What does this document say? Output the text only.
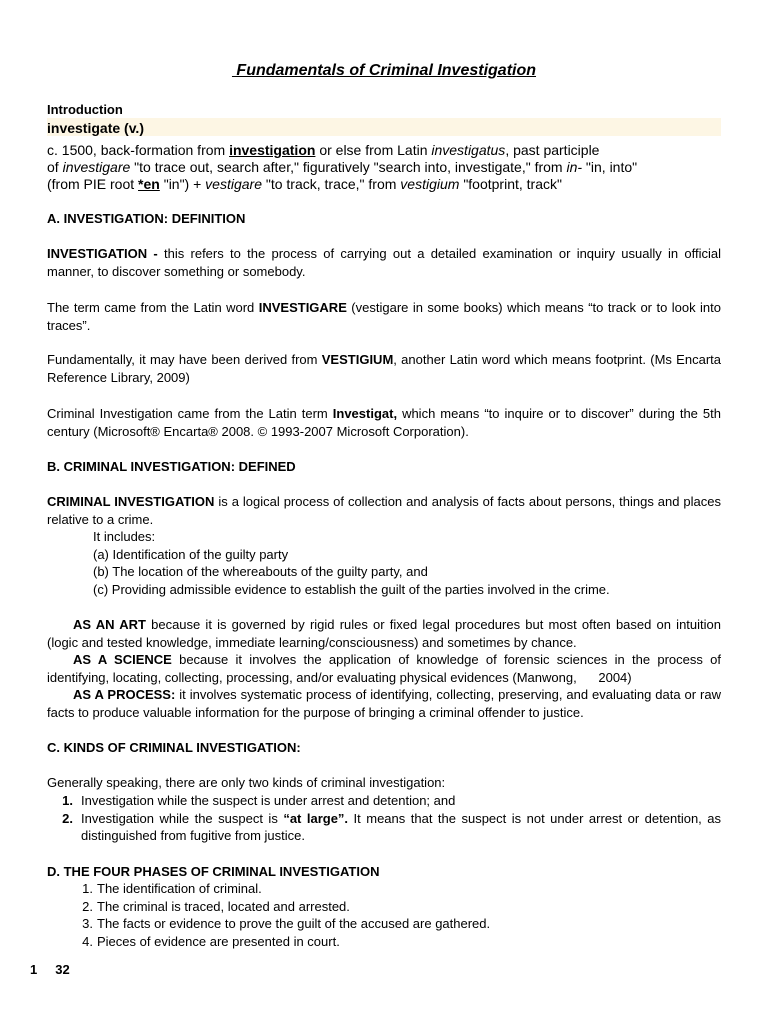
Fundamentals of Criminal Investigation
Introduction
investigate (v.)
c. 1500, back-formation from investigation or else from Latin investigatus, past participle
of investigare "to trace out, search after," figuratively "search into, investigate," from in- "in, into"
(from PIE root *en "in") + vestigare "to track, trace," from vestigium "footprint, track"
A. INVESTIGATION: DEFINITION
INVESTIGATION - this refers to the process of carrying out a detailed examination or inquiry usually in official manner, to discover something or somebody.
The term came from the Latin word INVESTIGARE (vestigare in some books) which means “to track or to look into traces”.
Fundamentally, it may have been derived from VESTIGIUM, another Latin word which means footprint. (Ms Encarta Reference Library, 2009)
Criminal Investigation came from the Latin term Investigat, which means “to inquire or to discover” during the 5th century (Microsoft® Encarta® 2008. © 1993-2007 Microsoft Corporation).
B. CRIMINAL INVESTIGATION: DEFINED
CRIMINAL INVESTIGATION is a logical process of collection and analysis of facts about persons, things and places relative to a crime.
It includes:
(a) Identification of the guilty party
(b) The location of the whereabouts of the guilty party, and
(c) Providing admissible evidence to establish the guilt of the parties involved in the crime.
AS AN ART because it is governed by rigid rules or fixed legal procedures but most often based on intuition (logic and tested knowledge, immediate learning/consciousness) and sometimes by chance.
AS A SCIENCE because it involves the application of knowledge of forensic sciences in the process of identifying, locating, collecting, processing, and/or evaluating physical evidences (Manwong,      2004)
AS A PROCESS: it involves systematic process of identifying, collecting, preserving, and evaluating data or raw facts to produce valuable information for the purpose of bringing a criminal offender to justice.
C. KINDS OF CRIMINAL INVESTIGATION:
Generally speaking, there are only two kinds of criminal investigation:
1. Investigation while the suspect is under arrest and detention; and
2. Investigation while the suspect is “at large”. It means that the suspect is not under arrest or detention, as distinguished from fugitive from justice.
D. THE FOUR PHASES OF CRIMINAL INVESTIGATION
1. The identification of criminal.
2. The criminal is traced, located and arrested.
3. The facts or evidence to prove the guilt of the accused are gathered.
4. Pieces of evidence are presented in court.
1 32
